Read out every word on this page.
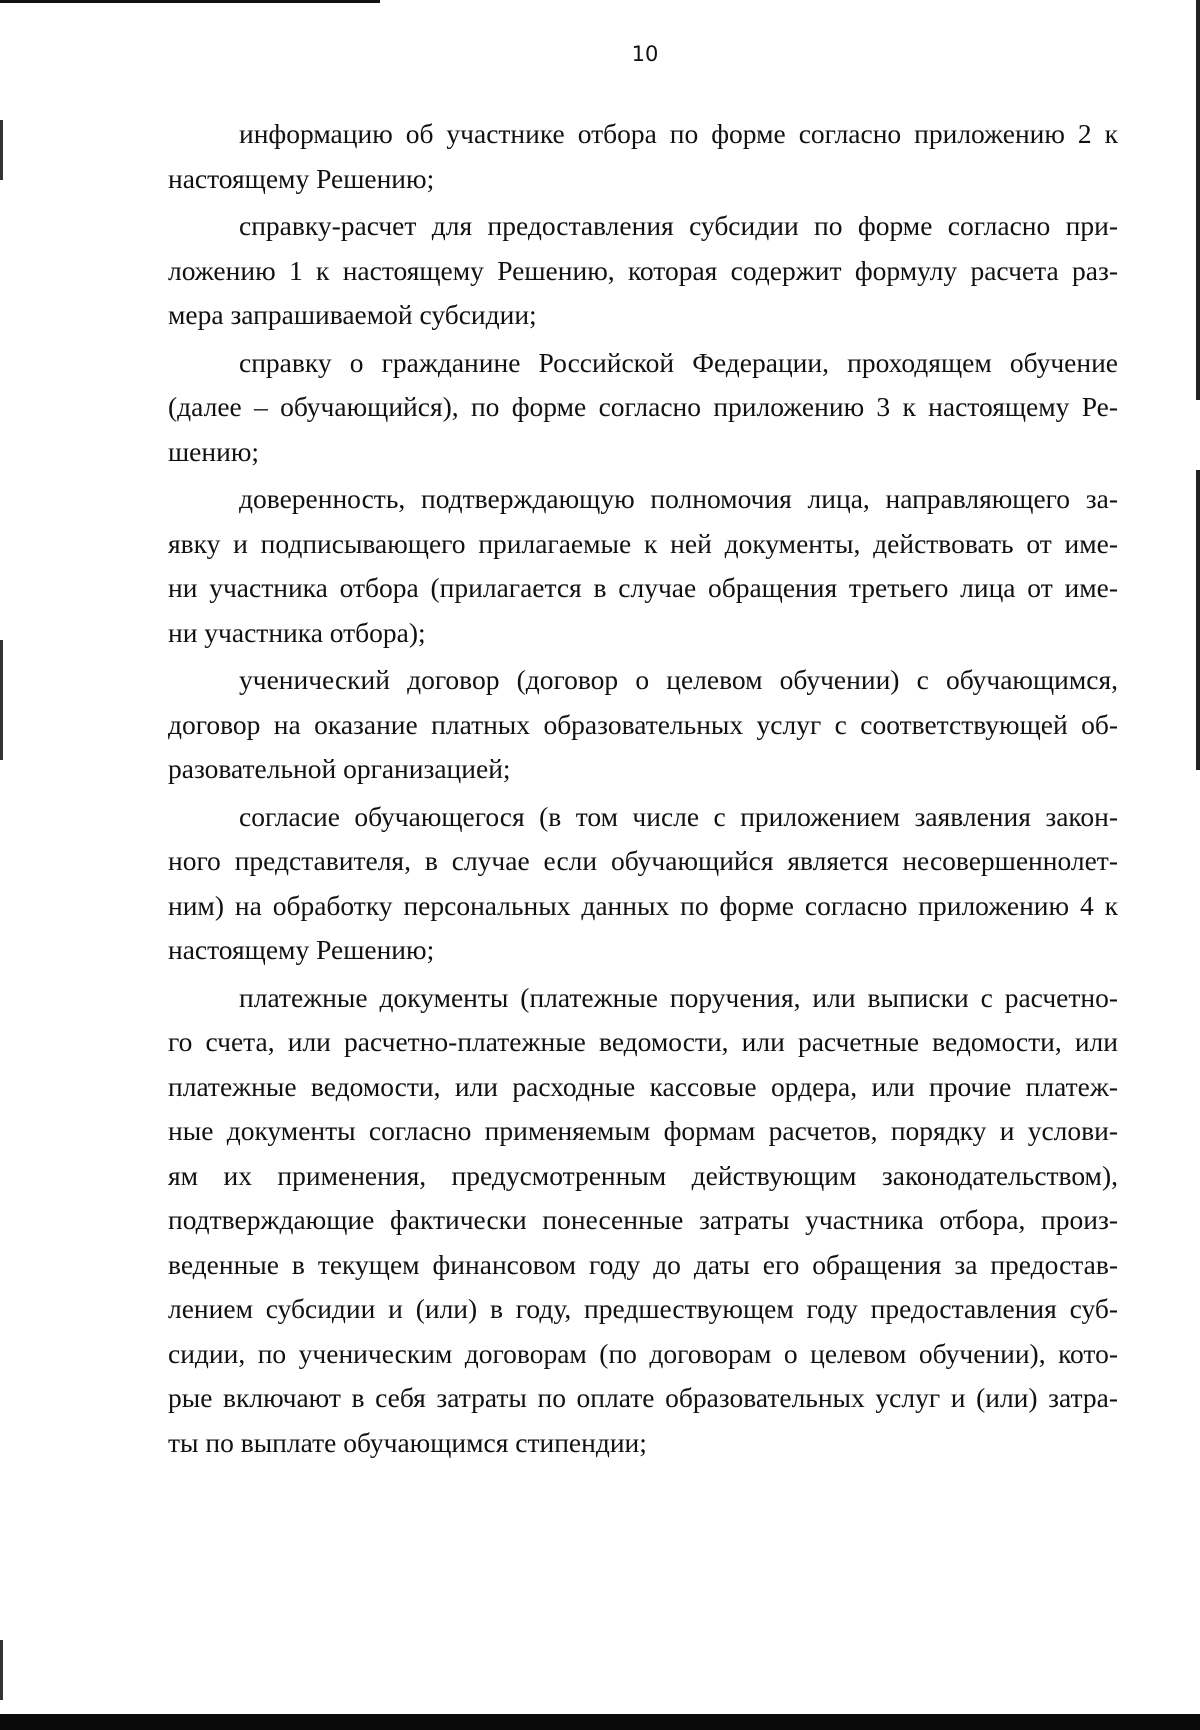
10
информацию об участнике отбора по форме согласно приложению 2 к
настоящему Решению;
справку-расчет для предоставления субсидии по форме согласно при-
ложению 1 к настоящему Решению, которая содержит формулу расчета раз-
мера запрашиваемой субсидии;
справку о гражданине Российской Федерации, проходящем обучение
(далее – обучающийся), по форме согласно приложению 3 к настоящему Ре-
шению;
доверенность, подтверждающую полномочия лица, направляющего за-
явку и подписывающего прилагаемые к ней документы, действовать от име-
ни участника отбора (прилагается в случае обращения третьего лица от име-
ни участника отбора);
ученический договор (договор о целевом обучении) с обучающимся,
договор на оказание платных образовательных услуг с соответствующей об-
разовательной организацией;
согласие обучающегося (в том числе с приложением заявления закон-
ного представителя, в случае если обучающийся является несовершеннолет-
ним) на обработку персональных данных по форме согласно приложению 4 к
настоящему Решению;
платежные документы (платежные поручения, или выписки с расчетно-
го счета, или расчетно-платежные ведомости, или расчетные ведомости, или
платежные ведомости, или расходные кассовые ордера, или прочие платеж-
ные документы согласно применяемым формам расчетов, порядку и услови-
ям их применения, предусмотренным действующим законодательством),
подтверждающие фактически понесенные затраты участника отбора, произ-
веденные в текущем финансовом году до даты его обращения за предостав-
лением субсидии и (или) в году, предшествующем году предоставления суб-
сидии, по ученическим договорам (по договорам о целевом обучении), кото-
рые включают в себя затраты по оплате образовательных услуг и (или) затра-
ты по выплате обучающимся стипендии;
